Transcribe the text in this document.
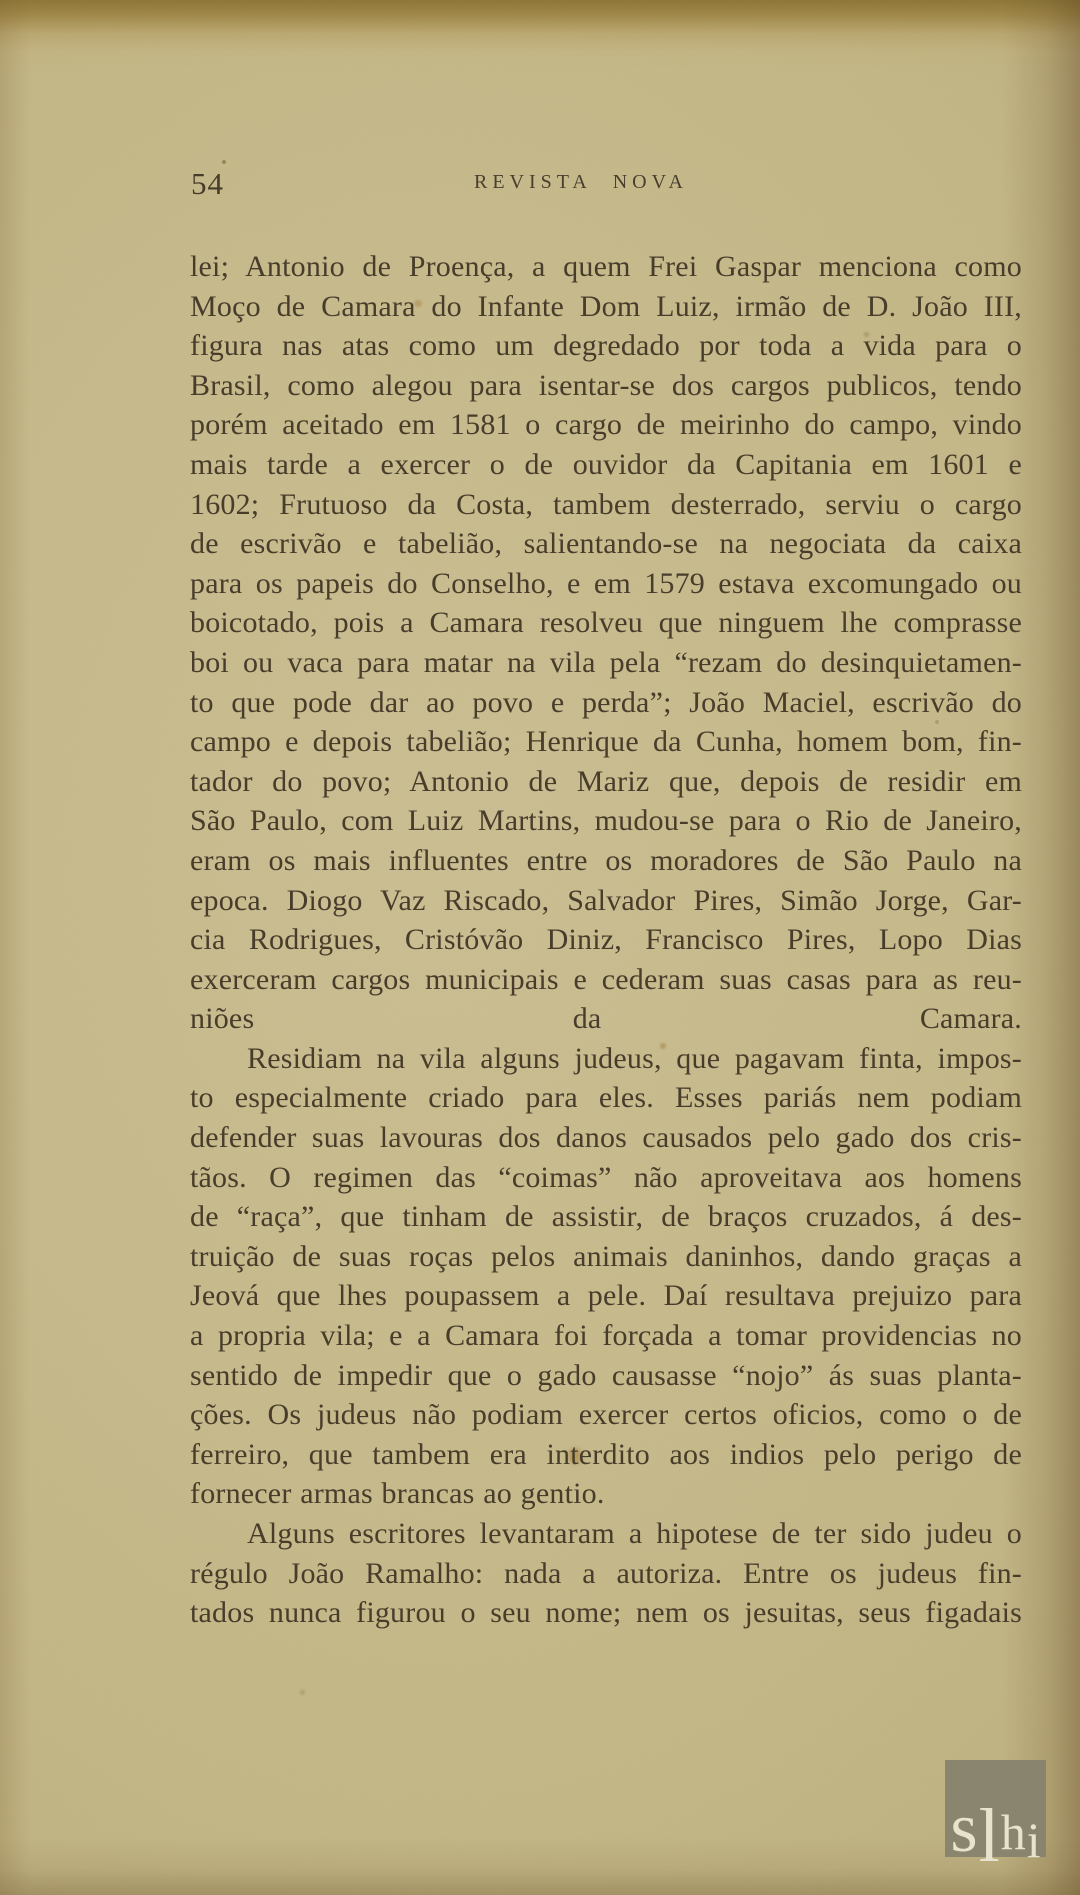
54	REVISTA NOVA
lei; Antonio de Proença, a quem Frei Gaspar menciona como
Moço de Camara do Infante Dom Luiz, irmão de D. João III,
figura nas atas como um degredado por toda a vida para o
Brasil, como alegou para isentar-se dos cargos publicos, tendo
porém aceitado em 1581 o cargo de meirinho do campo, vindo
mais tarde a exercer o de ouvidor da Capitania em 1601 e
1602; Frutuoso da Costa, tambem desterrado, serviu o cargo
de escrivão e tabelião, salientando-se na negociata da caixa
para os papeis do Conselho, e em 1579 estava excomungado ou
boicotado, pois a Camara resolveu que ninguem lhe comprasse
boi ou vaca para matar na vila pela “rezam do desinquietamen-
to que pode dar ao povo e perda”; João Maciel, escrivão do
campo e depois tabelião; Henrique da Cunha, homem bom, fin-
tador do povo; Antonio de Mariz que, depois de residir em
São Paulo, com Luiz Martins, mudou-se para o Rio de Janeiro,
eram os mais influentes entre os moradores de São Paulo na
epoca. Diogo Vaz Riscado, Salvador Pires, Simão Jorge, Gar-
cia Rodrigues, Cristóvão Diniz, Francisco Pires, Lopo Dias
exerceram cargos municipais e cederam suas casas para as reu-
niões da Camara.
Residiam na vila alguns judeus, que pagavam finta, impos-
to especialmente criado para eles. Esses pariás nem podiam
defender suas lavouras dos danos causados pelo gado dos cris-
tãos. O regimen das “coimas” não aproveitava aos homens
de “raça”, que tinham de assistir, de braços cruzados, á des-
truição de suas roças pelos animais daninhos, dando graças a
Jeová que lhes poupassem a pele. Daí resultava prejuizo para
a propria vila; e a Camara foi forçada a tomar providencias no
sentido de impedir que o gado causasse “nojo” ás suas planta-
ções. Os judeus não podiam exercer certos oficios, como o de
ferreiro, que tambem era interdito aos indios pelo perigo de
fornecer armas brancas ao gentio.
Alguns escritores levantaram a hipotese de ter sido judeu o
régulo João Ramalho: nada a autoriza. Entre os judeus fin-
tados nunca figurou o seu nome; nem os jesuitas, seus figadais
s l h i
